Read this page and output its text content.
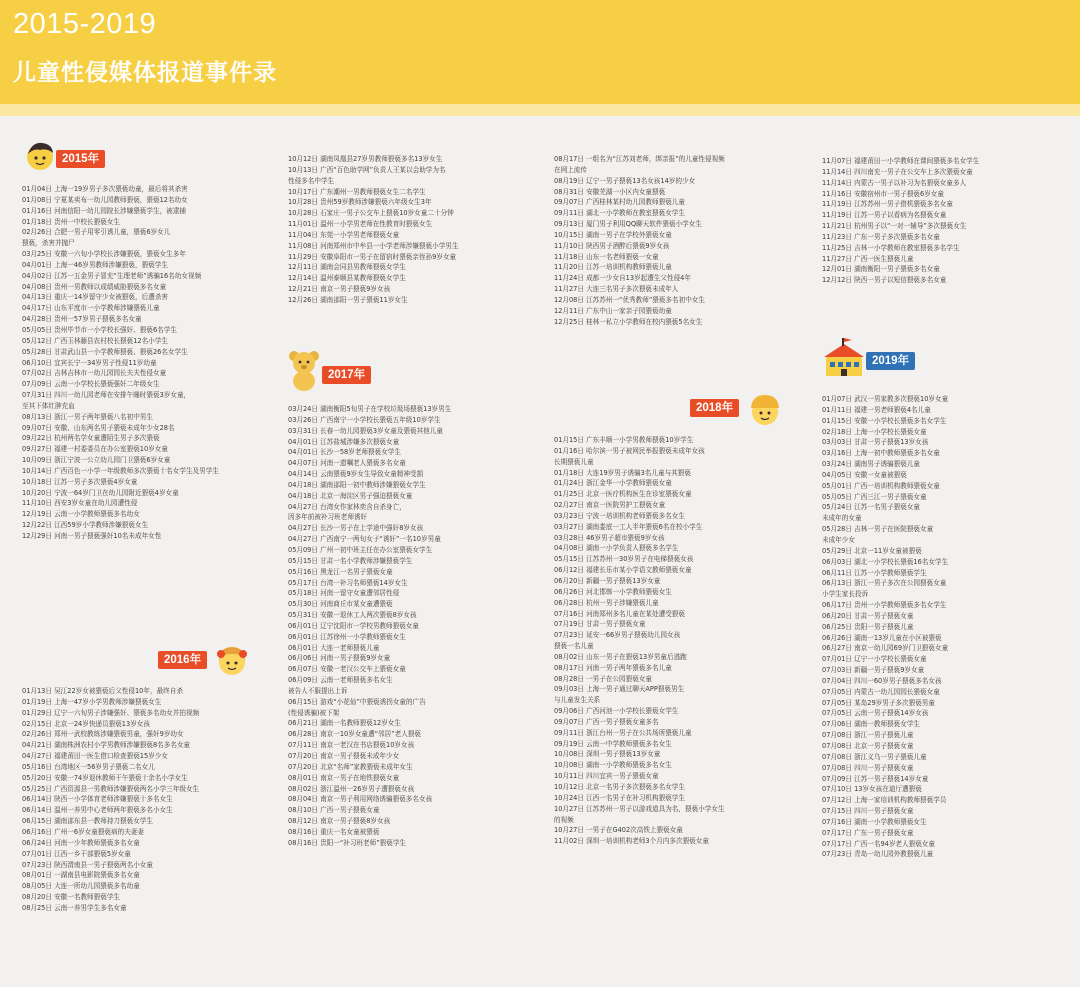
2015-2019
儿童性侵媒体报道事件录
2015年
2016年
2017年
2018年
2019年
01月04日 上海一19岁男子多次猥亵幼童，最后将其杀害
01月08日 宁夏某卖布一幼儿园教师猥亵，猥亵12名幼女
01月16日 河南信阳一幼儿园院长涉嫌猥亵学生，被逮捕
01月18日 贵州一中校长猥亵女生
02月26日 合肥一男子用零引诱儿童，猥亵6岁女儿
猥亵，杀害并抛尸
03月25日 安徽一六旬小学校长涉嫌猥亵，猥亵女生多年
04月01日 上海一46岁男教师涉嫌猥亵，猥亵学生
04月02日 江苏一五金男子冒充“生理老师”诱骗16名幼女视频
04月08日 贵州一男教师以成绩威胁猥亵多名女童
04月13日 重庆一14岁留守少女被猥亵，后遭杀害
04月17日 山东平度市一小学教师涉嫌猥亵儿童
04月28日 贵州一57岁男子猥亵多名女童
05月05日 贵州毕节市一小学校长强奸、猥亵6名学生
05月12日 广西玉林藤县农村校长猥亵12名小学生
05月28日 甘肃武山县一小学教师猥亵、猥亵26名女学生
06月10日 宜宾长宁一34岁男子性侵11岁幼童
07月02日 吉林吉林市一幼儿园园长夫夫性侵女童
07月09日 云南一小学校长猥亵强奸二年级女生
07月31日 四川一幼儿园老师在安排午睡时猥亵3岁女童，
至其下体红肿充血
08月13日 浙江一男子两年猥亵八名初中男生
09月07日 安徽、山东两名男子猥亵未成年少女28名
09月22日 杭州两名学女童遭陌生男子多次猥亵
09月27日 福建一村委委员在办公室猥亵10岁女童
10月09日 浙江宁波一公立幼儿园门卫猥亵6岁女童
10月14日 广西百色一小学一年级教师多次猥亵十名女学生及男学生
10月18日 江苏一男子多次猥亵4岁女童
10月20日 宁波一64岁门卫在幼儿园附近猥亵4岁女童
11月10日 西安3岁女童在幼儿园遭性侵
12月19日 云南一小学教师猥亵多名幼女
12月22日 江西59岁小学教师涉嫌猥亵女生
12月29日 河南一男子猥亵强奸10名未成年女性
01月13日 吴江22岁女被猥亵后父性侵10年，最终自杀
01月19日 上海一47岁小学男教师涉嫌猥亵女生
01月29日 辽宁一六旬男子涉嫌强奸、猥亵多名幼女并拍视频
02月15日 北京一24岁快递员猥亵13岁女孩
02月26日 郑州一武校教练涉嫌猥亵男童，强奸9岁幼女
04月21日 湖南株洲农村小学男教师涉嫌猥亵8名多名女童
04月27日 福建莆田一医生借口检查猥亵15岁少女
05月16日 台湾地区一56岁男子猥亵二名女儿
05月20日 安徽一74岁退休教师干午猥亵十余名小学女生
05月25日 广西资源县一男教师涉嫌猥亵两名小学三年级女生
06月14日 陕西一小学体育老师涉嫌猥亵十多名女生
06月14日 温州一养男中心老师两年猥亵多名小女生
06月15日 湖南邵东县一教师持刀猥亵女学生
06月16日 广州一6岁女童猥亵病的夫妻妻
06月24日 河南一少年教师猥亵多名女童
07月01日 江西一乡干部猥亵5岁女童
07月23日 陕西渭南县一男子猥亵两名小女童
08月01日 一湖南县电影院猥亵多名女童
08月05日 大连一所幼儿园猥亵多名幼童
08月20日 安徽一名教师猥亵学生
08月25日 云南一养男学生多名女童
10月12日 湖南凤凰县27岁男教师猥亵多名13岁女生
10月13日 广西“百色助学网”负责人王某以会助学为名
性侵多名中学生
10月17日 广东潮州一男教师猥亵女生二名学生
10月28日 贵州59岁教师涉嫌猥亵六年级女生3年
10月28日 石家庄一男子公交车上猥亵10岁女童二十分钟
11月01日 温州一小学男老师在性教育时猥亵女生
11月04日 东莞一小学男老师猥亵女童
11月08日 河南郑州市中牟县一小学老师涉嫌猥亵小学男生
11月29日 安徽阜阳市一男子在留宿时猥亵亲侄孙9岁女童
12月11日 湖南会同县男教师猥亵女学生
12月14日 温州泰顺县某教师猥亵女学生
12月21日 南京一男子猥亵9岁女孩
12月26日 湖南邵阳一男子猥亵11岁女生
03月24日 湖南衡阳5旬男子在学校垃圾场猥亵13岁男生
03月26日 广西南宁一小学校长猥亵五年级10岁学生
03月31日 长春一幼儿园猥亵3岁女童及猥亵其他儿童
04月01日 江苏盐城涉嫌多次猥亵女童
04月01日 长沙一58岁老师猥亵女学生
04月07日 河南一遗嘱老人猥亵多名女童
04月14日 云南猥亵9岁女生导致女童精神受损
04月18日 湖南邵阳一初中教师涉嫌猥亵女学生
04月18日 北京一海淀区男子强迫猥亵女童
04月27日 台湾女作家林奕含自杀身亡，
因多年前被补习班老师诱奸
04月27日 长沙一男子在上学途中强奸8岁女孩
04月27日 广西南宁一两旬女子“诱奸”一名10岁男童
05月09日 广州一初中班主任在办公室猥亵女学生
05月15日 甘肃一名小学教师涉嫌猥亵学生
05月16日 黑龙江一名男子猥亵女童
05月17日 台湾一补习名师猥亵14岁女生
05月18日 河南一留守女童遭邻居性侵
05月30日 河南商丘市某女童遭猥亵
05月31日 安徽一退休工人两次猥亵8岁女孩
06月01日 辽宁沈阳市一学校男教师猥亵女童
06月01日 江苏徐州一小学教师猥亵女生
06月01日 大连一老师猥亵儿童
06月06日 河南一男子猥亵9岁女童
06月07日 安徽一老汉公交车上猥亵女童
06月09日 云南一老师猥亵多名女生
被告人不服提出上诉
06月15日 游戏“小花仙”中猥亵诱拐女童的广告
(性侵诱骗)被下架
06月21日 湖南一名教师猥亵12岁女生
06月28日 南京一10岁女童遭“邻居”老人猥亵
07月11日 南京一老汉在书店猥亵10岁女孩
07月20日 南京一男子猥亵未成年少女
07月20日 北京“名师”家教猥亵未成年女生
08月01日 南京一男子在地铁猥亵女童
08月02日 浙江温州一26岁男子遭猥亵女孩
08月04日 南京一男子利用网络诱骗猥亵多名女孩
08月10日 广西一男子猥亵女童
08月12日 南京一男子猥亵8岁女孩
08月16日 重庆一名女童被猥亵
08月16日 贵阳一“补习班老师”猥亵学生
08月17日 一组名为“江苏刘老师，绑亲报”的儿童性侵视频
在网上流传
08月19日 辽宁一男子猥亵13名女孩14岁的少女
08月31日 安徽芜湖一小区内女童猥亵
09月07日 广西桂林某村幼儿园教师猥亵儿童
09月11日 湖北一小学教师在教室猥亵女学生
09月13日 厦门男子利用QQ聊天软件猥亵小学女生
10月15日 湖南一男子在学校外猥亵女童
11月10日 陕西男子酒醉后猥亵9岁女孩
11月18日 山东一名老师猥亵一女童
11月20日 江苏一培训机构教师猥亵儿童
11月24日 成都一少女自13岁起遭生父性侵4年
11月27日 大连三名男子多次猥亵未成年人
12月08日 江苏苏州一“优秀教师”猥亵多名初中女生
12月11日 广东中山一家亲子园猥亵幼童
12月25日 桂林一私立小学教师在校内猥亵5名女生
01月15日 广东丰顺一小学男教师猥亵10岁学生
01月16日 哈尔滨一男子被网民举报猥亵未成年女孩
长期猥亵儿童
01月18日 大连19岁男子诱骗3名儿童与其猥亵
01月24日 浙江金华一小学教师猥亵女童
01月25日 北京一医疗机构医生在诊室猥亵女童
02月27日 南京一医院男护工猥亵女童
03月23日 宁波一培训机构老师猥亵多名女生
03月27日 湖南娄底一工人半年猥亵6名在校小学生
03月28日 46岁男子超市猥亵9岁女孩
04月08日 湖南一小学负责人猥亵多名学生
05月15日 江苏苏州一30岁男子在电梯猥亵女孩
06月12日 福建长乐市某小学语文教师猥亵女童
06月20日 新疆一男子猥亵13岁女童
06月26日 河北邯郸一小学教师猥亵女生
06月28日 杭州一男子涉嫌猥亵儿童
07月16日 河南郑州多名儿童在某处遭受猥亵
07月19日 甘肃一男子猥亵女童
07月23日 延安一66岁男子猥亵幼儿园女孩
猥亵一名儿童
08月02日 山东一男子在猥亵13岁男童后逃跑
08月17日 河南一男子两年猥亵多名儿童
08月28日 一男子在公园猥亵女童
09月03日 上海一男子通过聊天APP猥亵男生
与儿童发生关系
09月06日 广西河池一小学校长猥亵女学生
09月07日 广西一男子猥亵女童多名
09月11日 浙江台州一男子在公共场所猥亵儿童
09月19日 云南一中学教师猥亵多名女生
10月08日 深圳一男子猥亵13岁女童
10月08日 湖南一小学教师猥亵多名女生
10月11日 四川宜宾一男子猥亵女童
10月12日 北京一名男子多次猥亵多名女学生
10月24日 江西一名男子在补习机构猥亵学生
10月27日 江苏苏州一男子以游戏道具为名，猥亵小学女生
的视频
10月27日 一男子在G402次高铁上猥亵女童
11月02日 深圳一培训机构老师3个月内多次猥亵女童
11月07日 福建莆田一小学教师在课间猥亵多名女学生
11月14日 四川南充一男子在公交车上多次猥亵女童
11月14日 内蒙古一男子以补习为名猥亵女童多人
11月16日 安徽宿州市一男子猥亵6岁女童
11月19日 江苏苏州一男子借机猥亵多名女童
11月19日 江苏一男子以看病为名猥亵女童
11月21日 杭州男子以“一对一辅导”多次猥亵女生
11月23日 广东一男子多次猥亵多名女童
11月25日 吉林一小学教师在教室猥亵多名学生
11月27日 广西一医生猥亵儿童
12月01日 湖南衡阳一男子猥亵多名女童
12月12日 陕西一男子以短信猥亵多名女童
01月07日 武汉一男家教多次猥亵10岁女童
01月11日 福建一男老师猥亵4名儿童
01月15日 安徽一小学校长猥亵多名女学生
02月18日 上海一小学校长猥亵女童
03月03日 甘肃一男子猥亵13岁女孩
03月16日 上海一初中教师猥亵多名女童
03月24日 湖南男子诱骗猥亵儿童
04月05日 安徽一女童被猥亵
05月01日 广西一培训机构教师猥亵女童
05月05日 广西三江一男子猥亵女童
05月24日 江苏一名男子猥亵女童
未成年的女童
05月28日 吉林一男子在医院猥亵女童
未成年少女
05月29日 北京一11岁女童被猥亵
06月03日 湖北一小学校长猥亵16名女学生
06月11日 江苏一小学教师猥亵学生
06月13日 浙江一男子多次在公园猥亵女童
小学生家长投诉
06月17日 贵州一小学教师猥亵多名女学生
06月20日 甘肃一男子猥亵女童
06月25日 贵阳一男子猥亵儿童
06月26日 湖南一13岁儿童在小区被猥亵
06月27日 南京一幼儿园69岁门卫猥亵女童
07月01日 辽宁一小学校长猥亵女童
07月03日 新疆一男子猥亵9岁女童
07月04日 四川一60岁男子猥亵多名女孩
07月05日 内蒙古一幼儿园园长猥亵女童
07月05日 某岛29岁男子多次猥亵男童
07月05日 云南一男子猥亵14岁女孩
07月06日 湖南一教师猥亵女学生
07月08日 浙江一男子猥亵儿童
07月08日 北京一男子猥亵女童
07月08日 浙江义乌一男子猥亵儿童
07月08日 四川一男子猥亵女童
07月09日 江苏一男子猥亵14岁女童
07月10日 13岁女孩在迪厅遭猥亵
07月12日 上海一家培训机构教师猥亵学员
07月15日 四川一男子猥亵女童
07月16日 湖南一小学教师猥亵女生
07月17日 广东一男子猥亵女童
07月17日 广西一名94岁老人猥亵女童
07月23日 青岛一幼儿园外教猥亵儿童
